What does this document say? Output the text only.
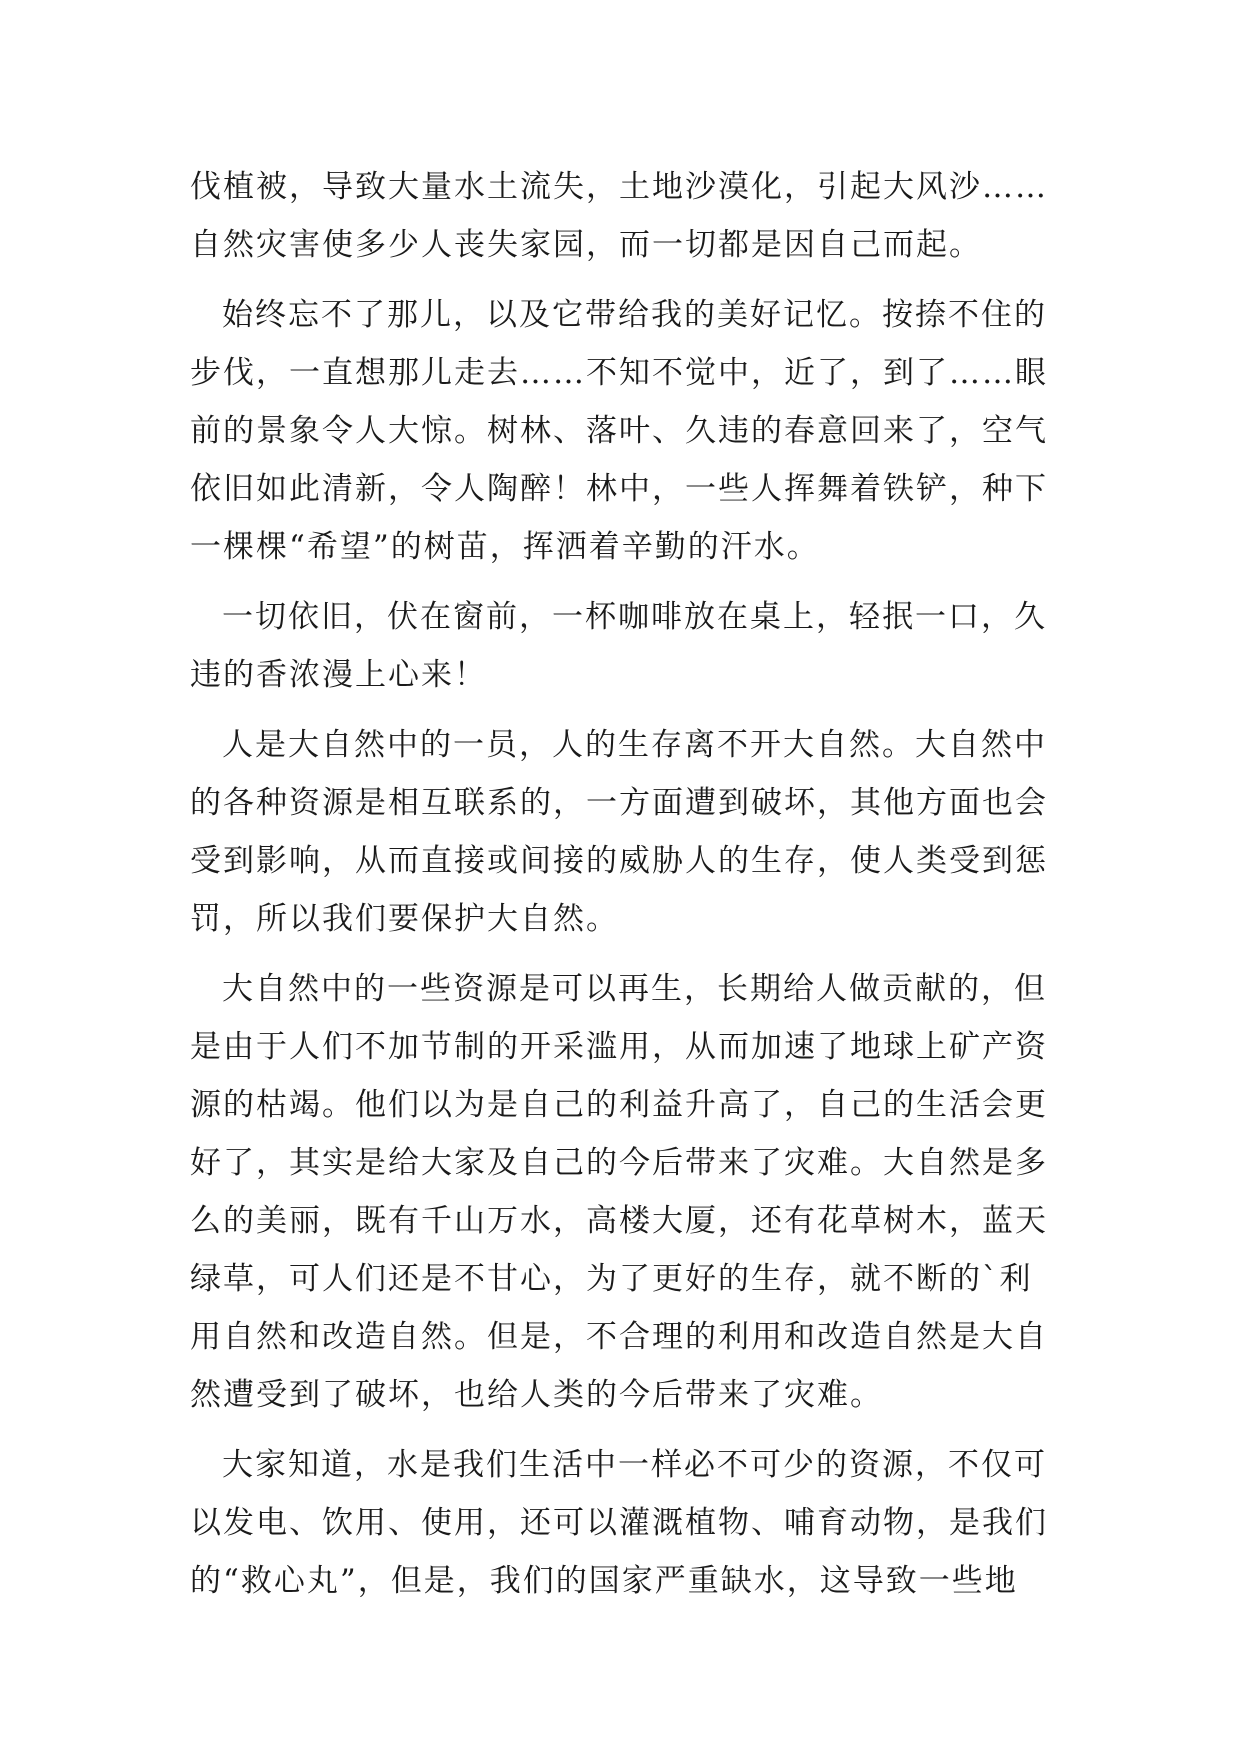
伐植被，导致大量水土流失，土地沙漠化，引起大风沙……
自然灾害使多少人丧失家园，而一切都是因自己而起。
始终忘不了那儿，以及它带给我的美好记忆。按捺不住的
步伐，一直想那儿走去……不知不觉中，近了，到了……眼
前的景象令人大惊。树林、落叶、久违的春意回来了，空气
依旧如此清新，令人陶醉！林中，一些人挥舞着铁铲，种下
一棵棵“希望”的树苗，挥洒着辛勤的汗水。
一切依旧，伏在窗前，一杯咖啡放在桌上，轻抿一口，久
违的香浓漫上心来！
人是大自然中的一员，人的生存离不开大自然。大自然中
的各种资源是相互联系的，一方面遭到破坏，其他方面也会
受到影响，从而直接或间接的威胁人的生存，使人类受到惩
罚，所以我们要保护大自然。
大自然中的一些资源是可以再生，长期给人做贡献的，但
是由于人们不加节制的开采滥用，从而加速了地球上矿产资
源的枯竭。他们以为是自己的利益升高了，自己的生活会更
好了，其实是给大家及自己的今后带来了灾难。大自然是多
么的美丽，既有千山万水，高楼大厦，还有花草树木，蓝天
绿草，可人们还是不甘心，为了更好的生存，就不断的`利
用自然和改造自然。但是，不合理的利用和改造自然是大自
然遭受到了破坏，也给人类的今后带来了灾难。
大家知道，水是我们生活中一样必不可少的资源，不仅可
以发电、饮用、使用，还可以灌溉植物、哺育动物，是我们
的“救心丸”，但是，我们的国家严重缺水，这导致一些地
